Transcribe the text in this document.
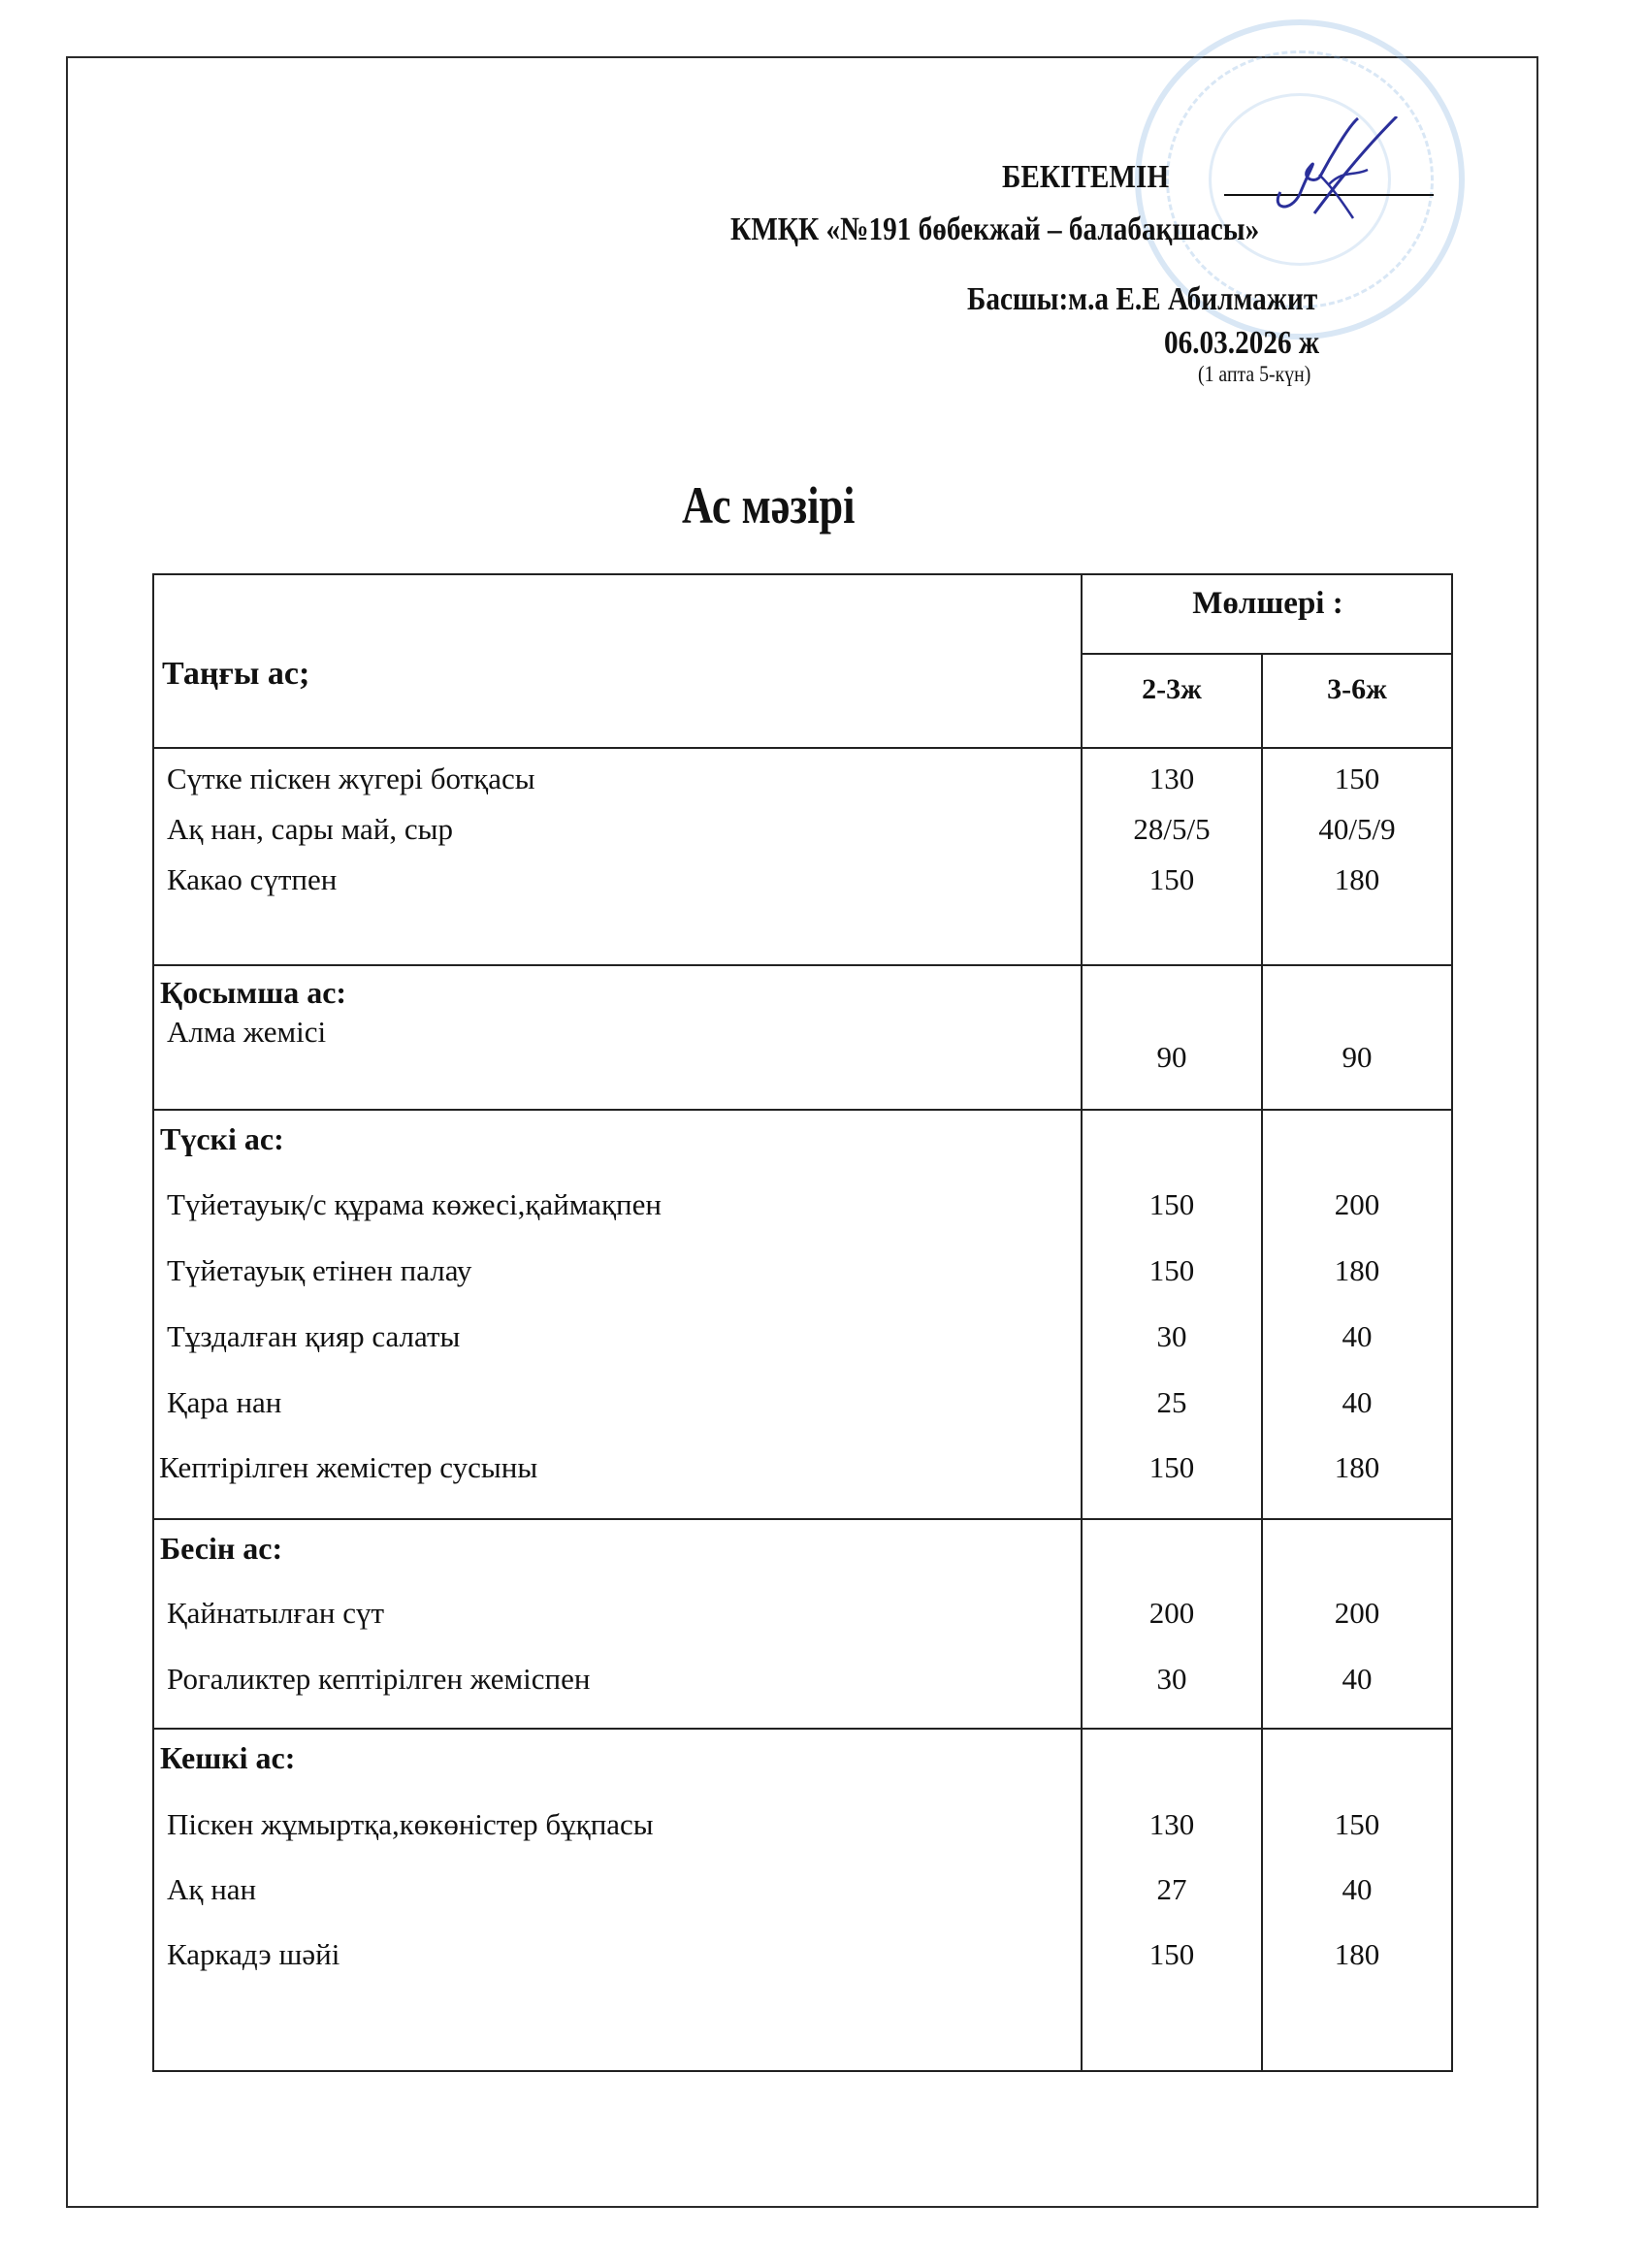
БЕКІТЕМІН
КМҚК «№191 бөбекжай – балабақшасы»
Басшы:м.а Е.Е Абилмажит
06.03.2026 ж
(1 апта 5-күн)
Ас мәзірі
Таңғы ас;
Мөлшері :
2-3ж	3-6ж
Сүтке піскен жүгері ботқасы	130	150
Ақ нан, сары май, сыр	28/5/5	40/5/9
Какао сүтпен	150	180
Қосымша ас:
Алма жемісі
90	90
Түскі ас:
Түйетауық/с құрама көжесі,қаймақпен	150	200
Түйетауық етінен палау	150	180
Тұздалған қияр салаты	30	40
Қара нан	25	40
Кептірілген жемістер сусыны	150	180
Бесін ас:
Қайнатылған сүт	200	200
Рогаликтер кептірілген жеміспен	30	40
Кешкі ас:
Піскен жұмыртқа,көкөністер бұқпасы	130	150
Ақ нан	27	40
Каркадэ шәйі	150	180
